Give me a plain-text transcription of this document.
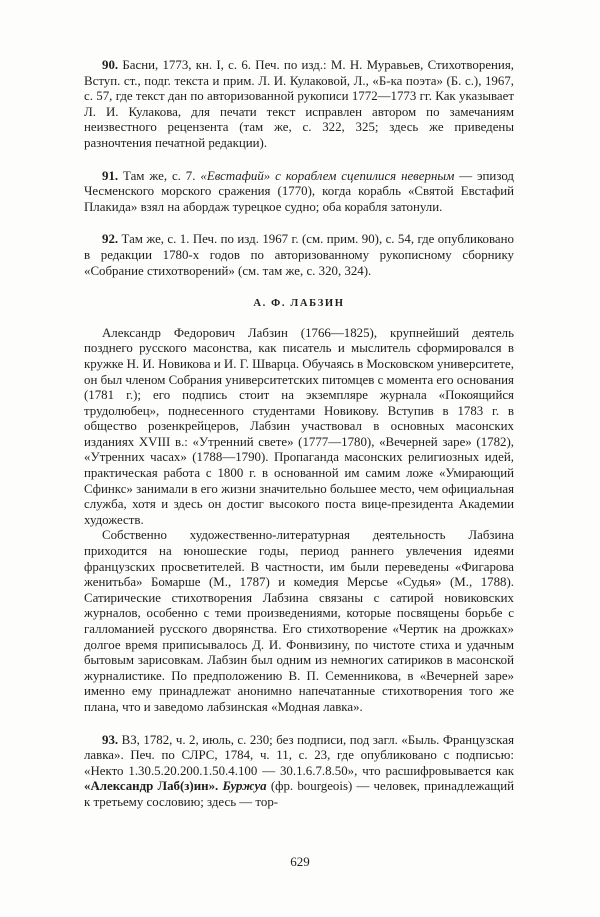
90. Басни, 1773, кн. I, с. 6. Печ. по изд.: М. Н. Муравьев, Стихотворения, Вступ. ст., подг. текста и прим. Л. И. Кулаковой, Л., «Б-ка поэта» (Б. с.), 1967, с. 57, где текст дан по авторизованной рукописи 1772—1773 гг. Как указывает Л. И. Кулакова, для печати текст исправлен автором по замечаниям неизвестного рецензента (там же, с. 322, 325; здесь же приведены разночтения печатной редакции).

91. Там же, с. 7. «Евстафий» с кораблем сцепилися неверным — эпизод Чесменского морского сражения (1770), когда корабль «Святой Евстафий Плакида» взял на абордаж турецкое судно; оба корабля затонули.

92. Там же, с. 1. Печ. по изд. 1967 г. (см. прим. 90), с. 54, где опубликовано в редакции 1780-х годов по авторизованному рукописному сборнику «Собрание стихотворений» (см. там же, с. 320, 324).

А. Ф. ЛАБЗИН

Александр Федорович Лабзин (1766—1825), крупнейший деятель позднего русского масонства, как писатель и мыслитель сформировался в кружке Н. И. Новикова и И. Г. Шварца. Обучаясь в Московском университете, он был членом Собрания университетских питомцев с момента его основания (1781 г.); его подпись стоит на экземпляре журнала «Покоящийся трудолюбец», поднесенного студентами Новикову. Вступив в 1783 г. в общество розенкрейцеров, Лабзин участвовал в основных масонских изданиях XVIII в.: «Утренний свете» (1777—1780), «Вечерней заре» (1782), «Утренних часах» (1788—1790). Пропаганда масонских религиозных идей, практическая работа с 1800 г. в основанной им самим ложе «Умирающий Сфинкс» занимали в его жизни значительно большее место, чем официальная служба, хотя и здесь он достиг высокого поста вице-президента Академии художеств.

Собственно художественно-литературная деятельность Лабзина приходится на юношеские годы, период раннего увлечения идеями французских просветителей. В частности, им были переведены «Фигарова женитьба» Бомарше (М., 1787) и комедия Мерсье «Судья» (М., 1788). Сатирические стихотворения Лабзина связаны с сатирой новиковских журналов, особенно с теми произведениями, которые посвящены борьбе с галломанией русского дворянства. Его стихотворение «Чертик на дрожках» долгое время приписывалось Д. И. Фонвизину, по чистоте стиха и удачным бытовым зарисовкам. Лабзин был одним из немногих сатириков в масонской журналистике. По предположению В. П. Семенникова, в «Вечерней заре» именно ему принадлежат анонимно напечатанные стихотворения того же плана, что и заведомо лабзинская «Модная лавка».

93. ВЗ, 1782, ч. 2, июль, с. 230; без подписи, под загл. «Быль. Французская лавка». Печ. по СЛРС, 1784, ч. 11, с. 23, где опубликовано с подписью: «Некто 1.30.5.20.200.1.50.4.100 — 30.1.6.7.8.50», что расшифровывается как «Александр Лаб(з)ин». Буржуа (фр. bourgeois) — человек, принадлежащий к третьему сословию; здесь — тор-

629
